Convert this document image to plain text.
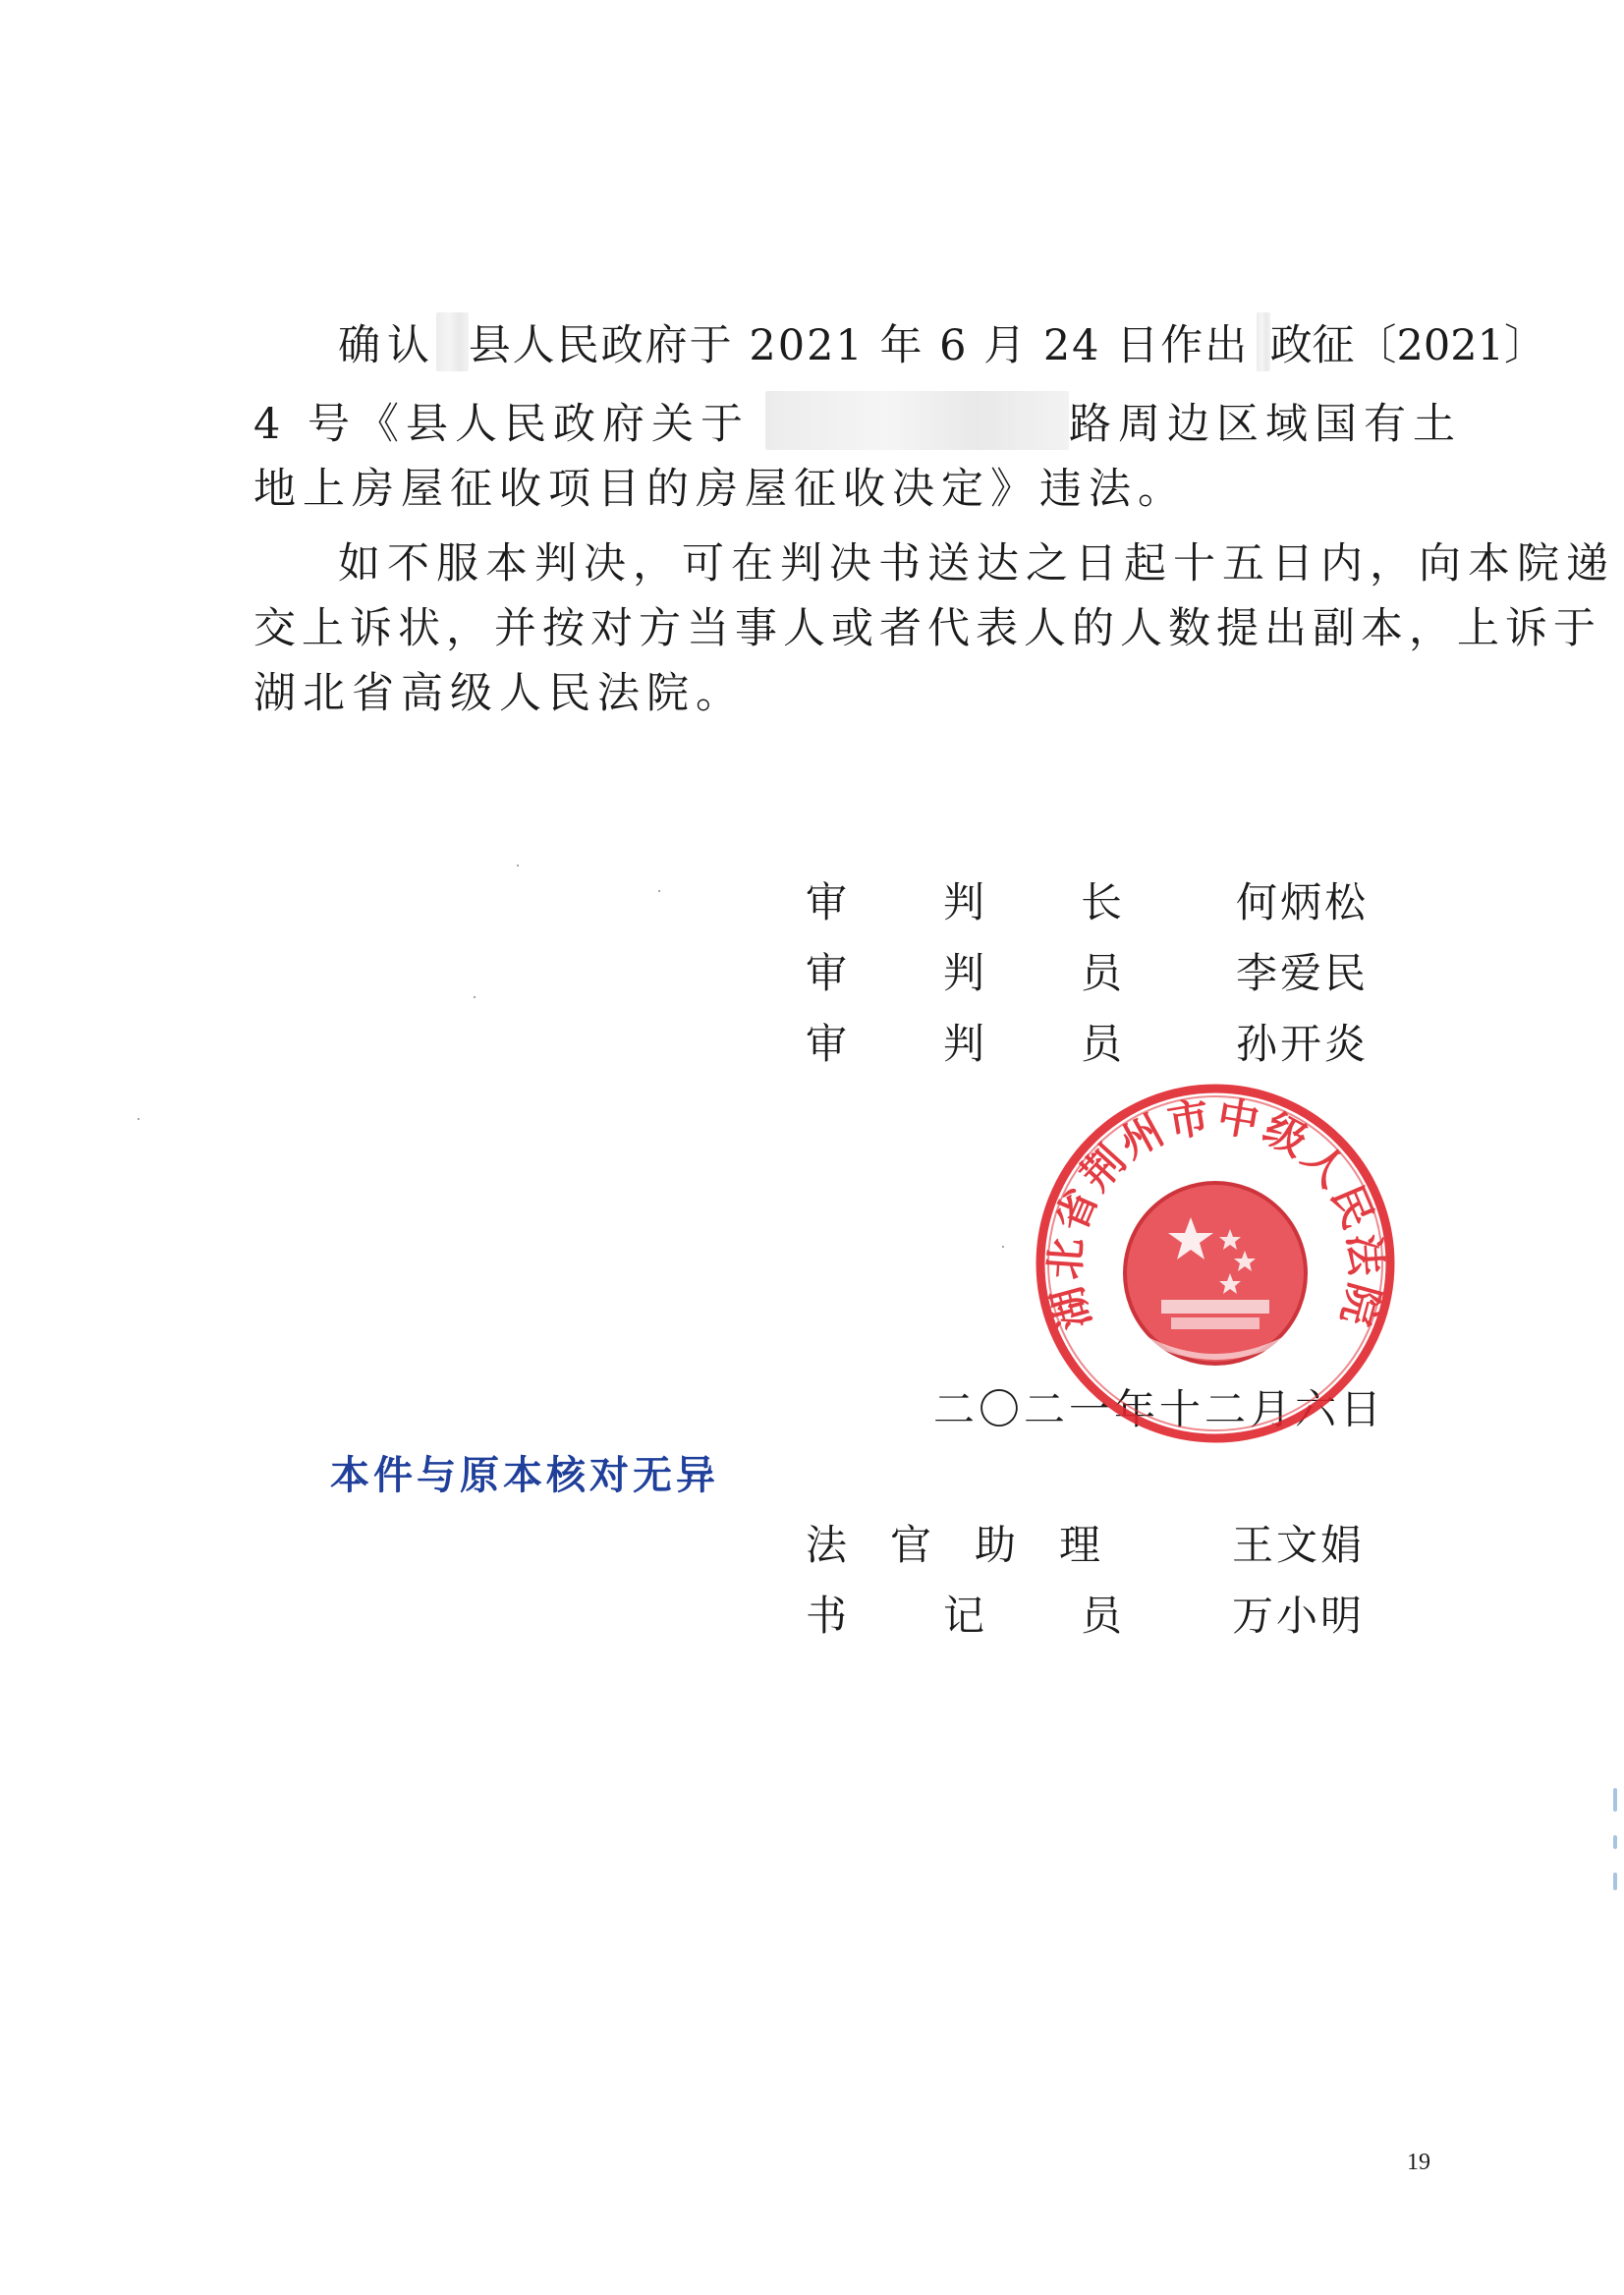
确认 县人民政府于 2021 年 6 月 24 日作出 政征〔2021〕
4 号《县人民政府关于	路周边区域国有土
地上房屋征收项目的房屋征收决定》违法。
如不服本判决，可在判决书送达之日起十五日内，向本院递
交上诉状，并按对方当事人或者代表人的人数提出副本，上诉于
湖北省高级人民法院。
审 判 长	何炳松
审 判 员	李爱民
审 判 员	孙开炎
二〇二一年十二月六日
湖北省荆州市中级人民法院
本件与原本核对无异
法 官 助 理	王文娟
书 记 员	万小明
19
